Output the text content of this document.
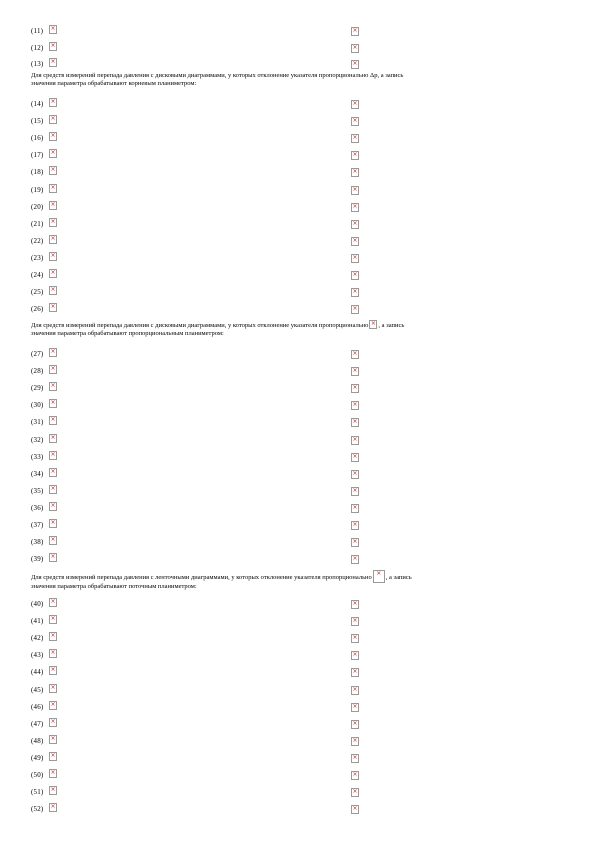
(11) ×	×
(12) ×	×
(13) ×	×
Для средств измерений перепада давления с дисковыми диаграммами, у которых отклонение указателя пропорционально Δp, а запись
значения параметра обрабатывают корневым планиметром:
(14) ×	×
(15) ×	×
(16) ×	×
(17) ×	×
(18) ×	×
(19) ×	×
(20) ×	×
(21) ×	×
(22) ×	×
(23) ×	×
(24) ×	×
(25) ×	×
(26) ×	×
Для средств измерений перепада давления с дисковыми диаграммами, у которых отклонение указателя пропорционально × , а запись
значения параметра обрабатывают пропорциональным планиметром:
(27) ×	×
(28) ×	×
(29) ×	×
(30) ×	×
(31) ×	×
(32) ×	×
(33) ×	×
(34) ×	×
(35) ×	×
(36) ×	×
(37) ×	×
(38) ×	×
(39) ×	×
Для средств измерений перепада давления с ленточными диаграммами, у которых отклонение указателя пропорционально
×
, а запись
значения параметра обрабатывают поточным планиметром:
(40) ×	×
(41) ×	×
(42) ×	×
(43) ×	×
(44) ×	×
(45) ×	×
(46) ×	×
(47) ×	×
(48) ×	×
(49) ×	×
(50) ×	×
(51) ×	×
(52) ×	×
